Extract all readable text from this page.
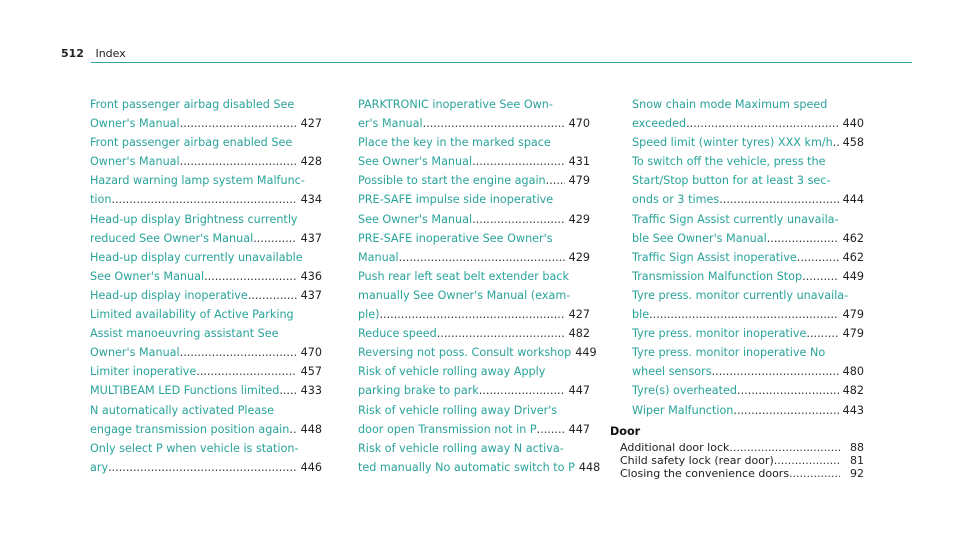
512 Index
Front passenger airbag disabled See
Owner's Manual .....	427
Front passenger airbag enabled See
Owner's Manual .....	428
Hazard warning lamp system Malfunc-
tion .....	434
Head-up display Brightness currently
reduced See Owner's Manual .....	437
Head-up display currently unavailable
See Owner's Manual .....	436
Head-up display inoperative .....	437
Limited availability of Active Parking
Assist manoeuvring assistant See
Owner's Manual .....	470
Limiter inoperative .....	457
MULTIBEAM LED Functions limited .....	433
N automatically activated Please
engage transmission position again .....	448
Only select P when vehicle is station-
ary .....	446
PARKTRONIC inoperative See Own-
er's Manual .....	470
Place the key in the marked space
See Owner's Manual .....	431
Possible to start the engine again .....	479
PRE-SAFE impulse side inoperative
See Owner's Manual .....	429
PRE-SAFE inoperative See Owner's
Manual .....	429
Push rear left seat belt extender back
manually See Owner's Manual (exam-
ple) .....	427
Reduce speed .....	482
Reversing not poss. Consult workshop 449
Risk of vehicle rolling away Apply
parking brake to park .....	447
Risk of vehicle rolling away Driver's
door open Transmission not in P .....	447
Risk of vehicle rolling away N activa-
ted manually No automatic switch to P 448
Snow chain mode Maximum speed
exceeded .....	440
Speed limit (winter tyres) XXX km/h ..... 458
To switch off the vehicle, press the
Start/Stop button for at least 3 sec-
onds or 3 times .....	444
Traffic Sign Assist currently unavaila-
ble See Owner's Manual .....	462
Traffic Sign Assist inoperative .....	462
Transmission Malfunction Stop .....	449
Tyre press. monitor currently unavaila-
ble .....	479
Tyre press. monitor inoperative .....	479
Tyre press. monitor inoperative No
wheel sensors .....	480
Tyre(s) overheated .....	482
Wiper Malfunction .....	443
Door
Additional door lock .....	88
Child safety lock (rear door) .....	81
Closing the convenience doors .....	92
